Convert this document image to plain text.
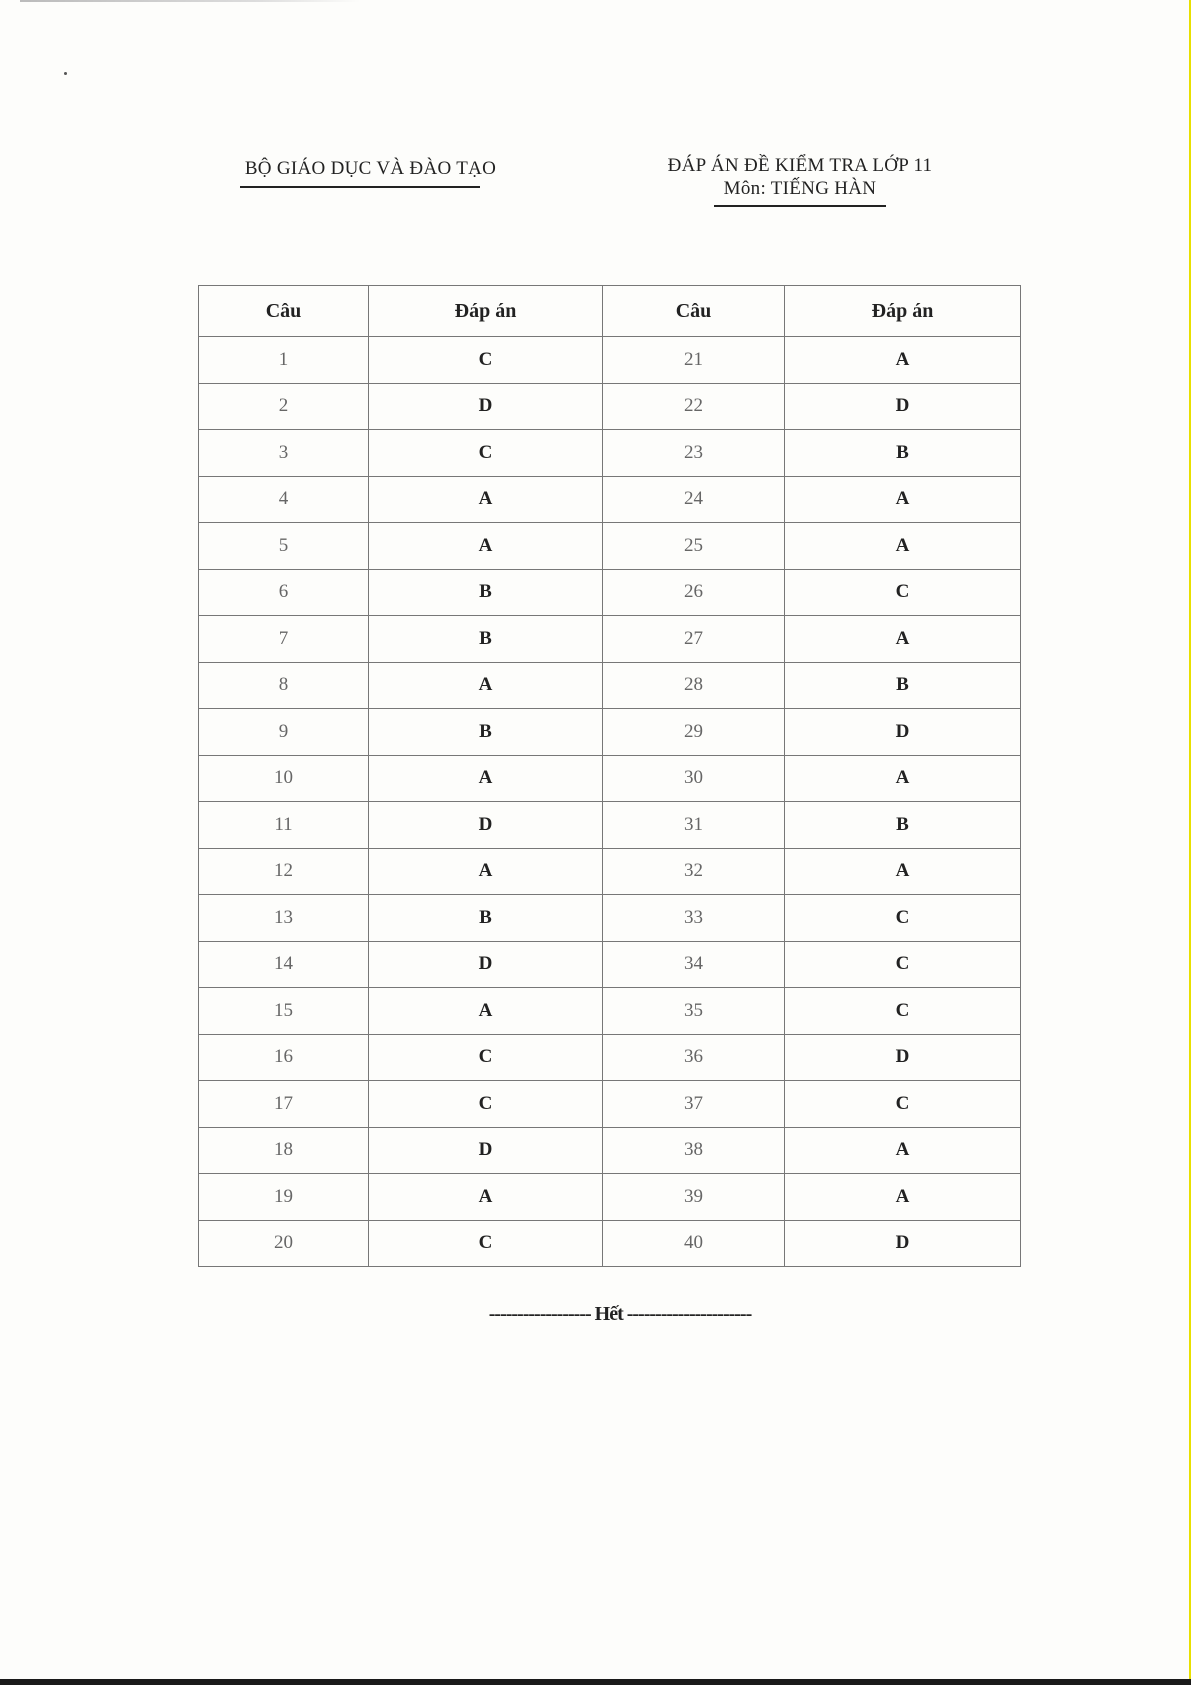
BỘ GIÁO DỤC VÀ ĐÀO TẠO	ĐÁP ÁN ĐỀ KIỂM TRA LỚP 11
Môn: TIẾNG HÀN
Câu	Đáp án	Câu	Đáp án
1	C	21	A
2	D	22	D
3	C	23	B
4	A	24	A
5	A	25	A
6	B	26	C
7	B	27	A
8	A	28	B
9	B	29	D
10	A	30	A
11	D	31	B
12	A	32	A
13	B	33	C
14	D	34	C
15	A	35	C
16	C	36	D
17	C	37	C
18	D	38	A
19	A	39	A
20	C	40	D
------------------ Hết ----------------------
